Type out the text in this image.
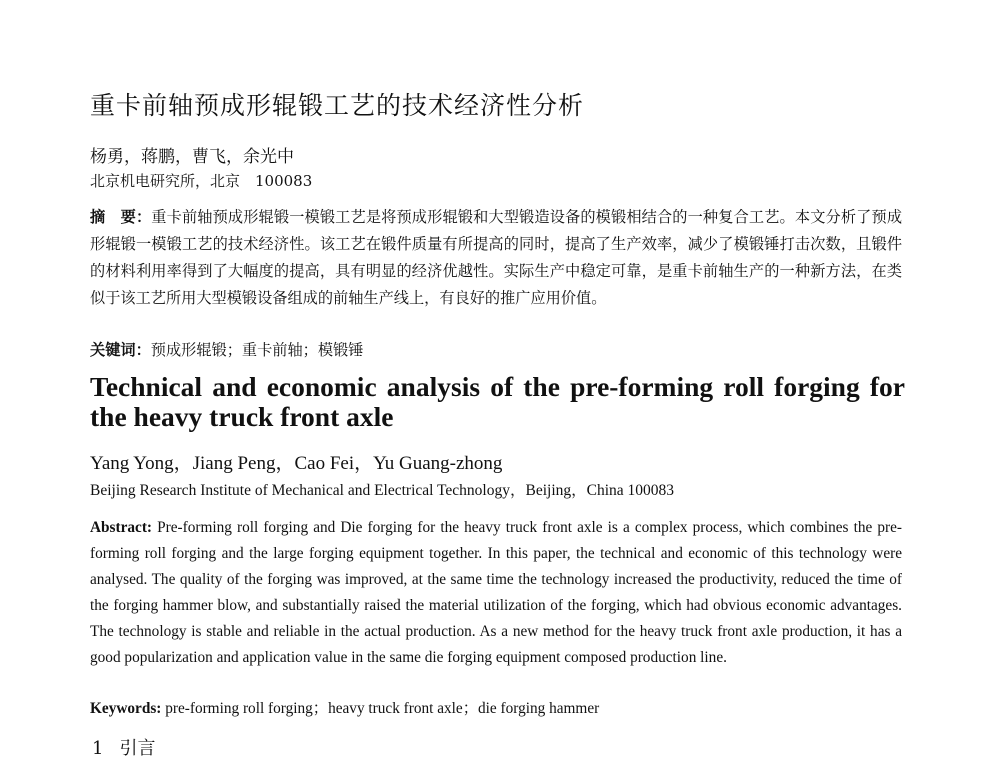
重卡前轴预成形辊锻工艺的技术经济性分析
杨勇，蒋鹏，曹飞，余光中
北京机电研究所，北京　100083
摘　要：重卡前轴预成形辊锻一模锻工艺是将预成形辊锻和大型锻造设备的模锻相结合的一种复合工艺。本文分析了预成形辊锻一模锻工艺的技术经济性。该工艺在锻件质量有所提高的同时，提高了生产效率，减少了模锻锤打击次数，且锻件的材料利用率得到了大幅度的提高，具有明显的经济优越性。实际生产中稳定可靠，是重卡前轴生产的一种新方法，在类似于该工艺所用大型模锻设备组成的前轴生产线上，有良好的推广应用价值。
关键词：预成形辊锻；重卡前轴；模锻锤
Technical and economic analysis of the pre-forming roll forging for the heavy truck front axle
Yang Yong，Jiang Peng，Cao Fei，Yu Guang-zhong
Beijing Research Institute of Mechanical and Electrical Technology，Beijing，China 100083
Abstract: Pre-forming roll forging and Die forging for the heavy truck front axle is a complex process, which combines the pre-forming roll forging and the large forging equipment together. In this paper, the technical and economic of this technology were analysed. The quality of the forging was improved, at the same time the technology increased the productivity, reduced the time of the forging hammer blow, and substantially raised the material utilization of the forging, which had obvious economic advantages. The technology is stable and reliable in the actual production. As a new method for the heavy truck front axle production, it has a good popularization and application value in the same die forging equipment composed production line.
Keywords: pre-forming roll forging；heavy truck front axle；die forging hammer
1 引言
